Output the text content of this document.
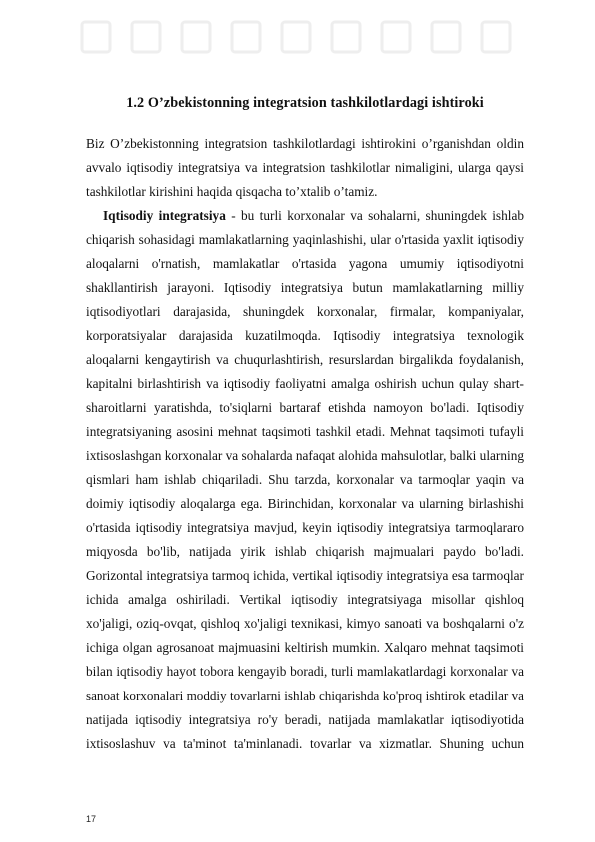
1.2 O’zbekistonning integratsion tashkilotlardagi ishtiroki
Biz O’zbekistonning integratsion tashkilotlardagi ishtirokini o’rganishdan oldin
avvalo iqtisodiy integratsiya va integratsion tashkilotlar nimaligini, ularga qaysi
tashkilotlar kirishini haqida qisqacha to’xtalib o’tamiz.
Iqtisodiy integratsiya - bu turli korxonalar va sohalarni, shuningdek ishlab
chiqarish sohasidagi mamlakatlarning yaqinlashishi, ular o'rtasida yaxlit iqtisodiy
aloqalarni o'rnatish, mamlakatlar o'rtasida yagona umumiy iqtisodiyotni
shakllantirish jarayoni. Iqtisodiy integratsiya butun mamlakatlarning milliy
iqtisodiyotlari darajasida, shuningdek korxonalar, firmalar, kompaniyalar,
korporatsiyalar darajasida kuzatilmoqda. Iqtisodiy integratsiya texnologik
aloqalarni kengaytirish va chuqurlashtirish, resurslardan birgalikda foydalanish,
kapitalni birlashtirish va iqtisodiy faoliyatni amalga oshirish uchun qulay shart-
sharoitlarni yaratishda, to'siqlarni bartaraf etishda namoyon bo'ladi. Iqtisodiy
integratsiyaning asosini mehnat taqsimoti tashkil etadi. Mehnat taqsimoti tufayli
ixtisoslashgan korxonalar va sohalarda nafaqat alohida mahsulotlar, balki ularning
qismlari ham ishlab chiqariladi. Shu tarzda, korxonalar va tarmoqlar yaqin va
doimiy iqtisodiy aloqalarga ega. Birinchidan, korxonalar va ularning birlashishi
o'rtasida iqtisodiy integratsiya mavjud, keyin iqtisodiy integratsiya tarmoqlararo
miqyosda bo'lib, natijada yirik ishlab chiqarish majmualari paydo bo'ladi.
Gorizontal integratsiya tarmoq ichida, vertikal iqtisodiy integratsiya esa tarmoqlar
ichida amalga oshiriladi. Vertikal iqtisodiy integratsiyaga misollar qishloq
xo'jaligi, oziq-ovqat, qishloq xo'jaligi texnikasi, kimyo sanoati va boshqalarni o'z
ichiga olgan agrosanoat majmuasini keltirish mumkin. Xalqaro mehnat taqsimoti
bilan iqtisodiy hayot tobora kengayib boradi, turli mamlakatlardagi korxonalar va
sanoat korxonalari moddiy tovarlarni ishlab chiqarishda ko'proq ishtirok etadilar va
natijada iqtisodiy integratsiya ro'y beradi, natijada mamlakatlar iqtisodiyotida
ixtisoslashuv va ta'minot ta'minlanadi. tovarlar va xizmatlar. Shuning uchun
17
